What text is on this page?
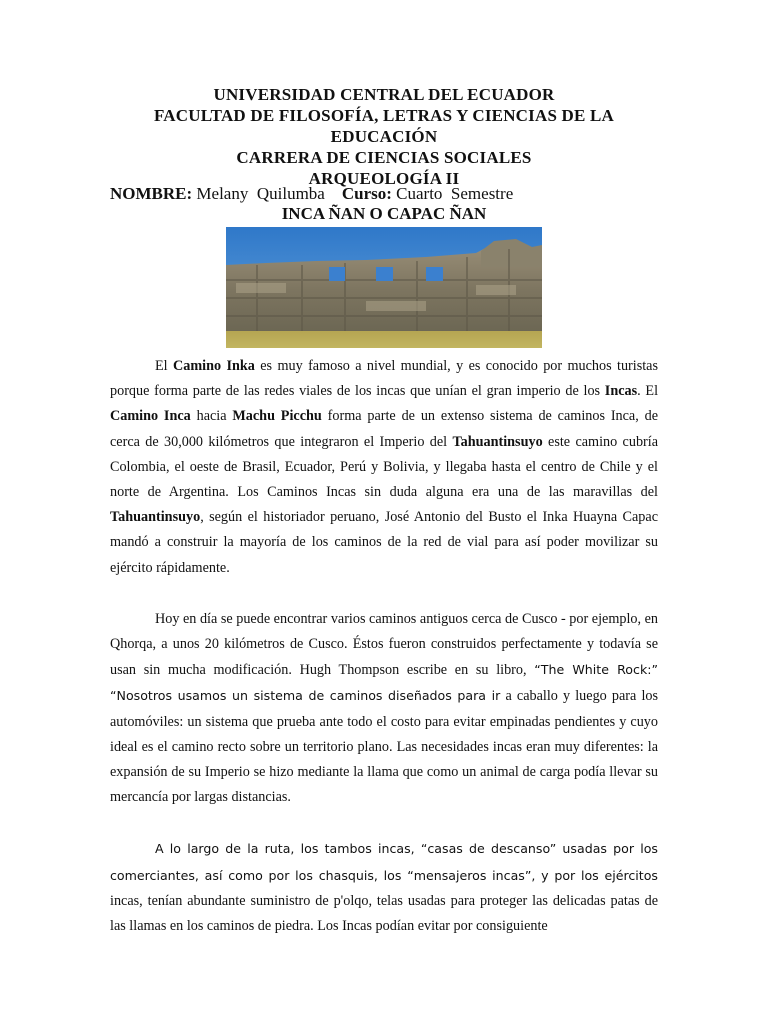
UNIVERSIDAD CENTRAL DEL ECUADOR
FACULTAD DE FILOSOFÍA, LETRAS Y CIENCIAS DE LA
EDUCACIÓN
CARRERA DE CIENCIAS SOCIALES
ARQUEOLOGÍA II
NOMBRE: Melany  Quilumba    Curso: Cuarto  Semestre
INCA ÑAN O CAPAC ÑAN

El Camino Inka es muy famoso a nivel mundial, y es conocido por muchos turistas porque forma parte de las redes viales de los incas que unían el gran imperio de los Incas. El Camino Inca hacia Machu Picchu forma parte de un extenso sistema de caminos Inca, de cerca de 30,000 kilómetros que integraron el Imperio del Tahuantinsuyo este camino cubría Colombia, el oeste de Brasil, Ecuador, Perú y Bolivia, y llegaba hasta el centro de Chile y el norte de Argentina. Los Caminos Incas sin duda alguna era una de las maravillas del Tahuantinsuyo, según el historiador peruano, José Antonio del Busto el Inka Huayna Capac mandó a construir la mayoría de los caminos de la red de vial para así poder movilizar su ejército rápidamente.

Hoy en día se puede encontrar varios caminos antiguos cerca de Cusco - por ejemplo, en Qhorqa, a unos 20 kilómetros de Cusco. Éstos fueron construidos perfectamente y todavía se usan sin mucha modificación. Hugh Thompson escribe en su libro, “The White Rock:” “Nosotros usamos un sistema de caminos diseñados para ir a caballo y luego para los automóviles: un sistema que prueba ante todo el costo para evitar empinadas pendientes y cuyo ideal es el camino recto sobre un territorio plano. Las necesidades incas eran muy diferentes: la expansión de su Imperio se hizo mediante la llama que como un animal de carga podía llevar su mercancía por largas distancias.

A lo largo de la ruta, los tambos incas, “casas de descanso” usadas por los comerciantes, así como por los chasquis, los “mensajeros incas”, y por los ejércitos incas, tenían abundante suministro de p'olqo, telas usadas para proteger las delicadas patas de las llamas en los caminos de piedra. Los Incas podían evitar por consiguiente
